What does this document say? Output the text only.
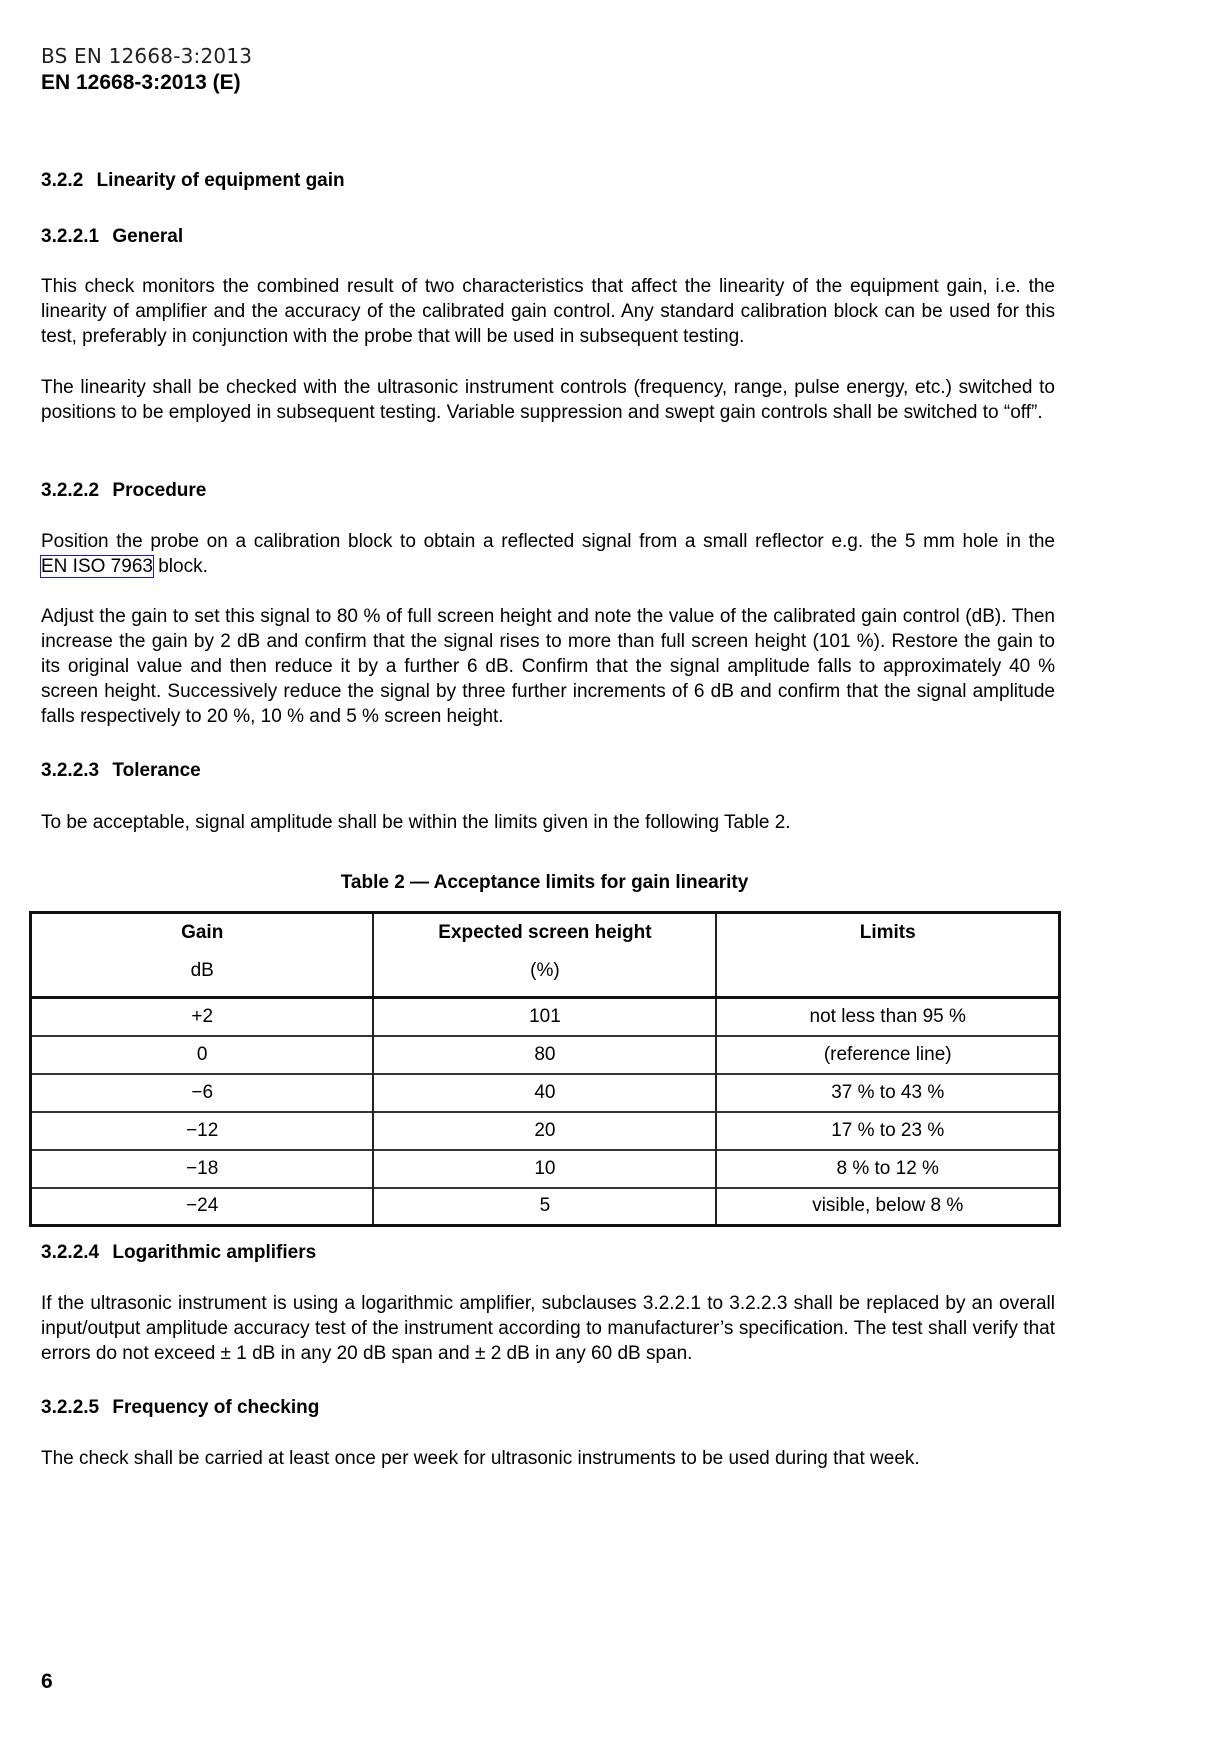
BS EN 12668-3:2013
EN 12668-3:2013 (E)
3.2.2 Linearity of equipment gain
3.2.2.1 General
This check monitors the combined result of two characteristics that affect the linearity of the equipment gain, i.e. the linearity of amplifier and the accuracy of the calibrated gain control. Any standard calibration block can be used for this test, preferably in conjunction with the probe that will be used in subsequent testing.
The linearity shall be checked with the ultrasonic instrument controls (frequency, range, pulse energy, etc.) switched to positions to be employed in subsequent testing. Variable suppression and swept gain controls shall be switched to “off”.
3.2.2.2 Procedure
Position the probe on a calibration block to obtain a reflected signal from a small reflector e.g. the 5 mm hole in the EN ISO 7963 block.
Adjust the gain to set this signal to 80 % of full screen height and note the value of the calibrated gain control (dB). Then increase the gain by 2 dB and confirm that the signal rises to more than full screen height (101 %). Restore the gain to its original value and then reduce it by a further 6 dB. Confirm that the signal amplitude falls to approximately 40 % screen height. Successively reduce the signal by three further increments of 6 dB and confirm that the signal amplitude falls respectively to 20 %, 10 % and 5 % screen height.
3.2.2.3 Tolerance
To be acceptable, signal amplitude shall be within the limits given in the following Table 2.
Table 2 — Acceptance limits for gain linearity
Gain	Expected screen height	Limits
dB	(%)	
+2	101	not less than 95 %
0	80	(reference line)
−6	40	37 % to 43 %
−12	20	17 % to 23 %
−18	10	8 % to 12 %
−24	5	visible, below 8 %
3.2.2.4 Logarithmic amplifiers
If the ultrasonic instrument is using a logarithmic amplifier, subclauses 3.2.2.1 to 3.2.2.3 shall be replaced by an overall input/output amplitude accuracy test of the instrument according to manufacturer’s specification. The test shall verify that errors do not exceed ± 1 dB in any 20 dB span and ± 2 dB in any 60 dB span.
3.2.2.5 Frequency of checking
The check shall be carried at least once per week for ultrasonic instruments to be used during that week.
6
